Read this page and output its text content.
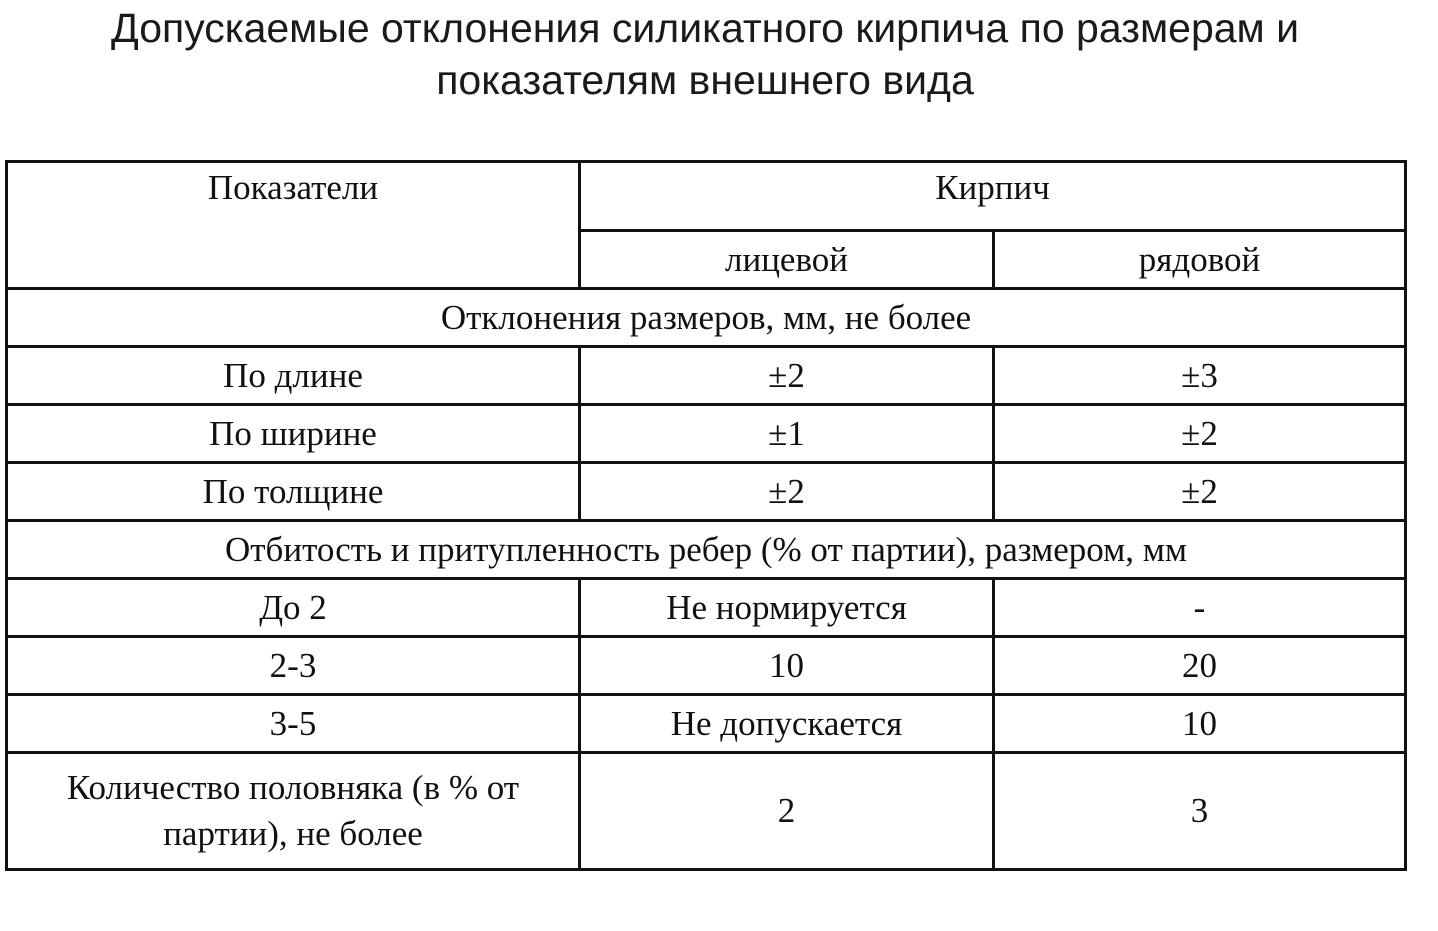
Допускаемые отклонения силикатного кирпича по размерам и
показателям внешнего вида
Показатели	Кирпич	
	лицевой	рядовой
Отклонения размеров, мм, не более		
По длине	±2	±3
По ширине	±1	±2
По толщине	±2	±2
Отбитость и притупленность ребер (% от партии), размером, мм		
До 2	Не нормируется	-
2-3	10	20
3-5	Не допускается	10
Количество половняка (в % от партии), не более	2	3
